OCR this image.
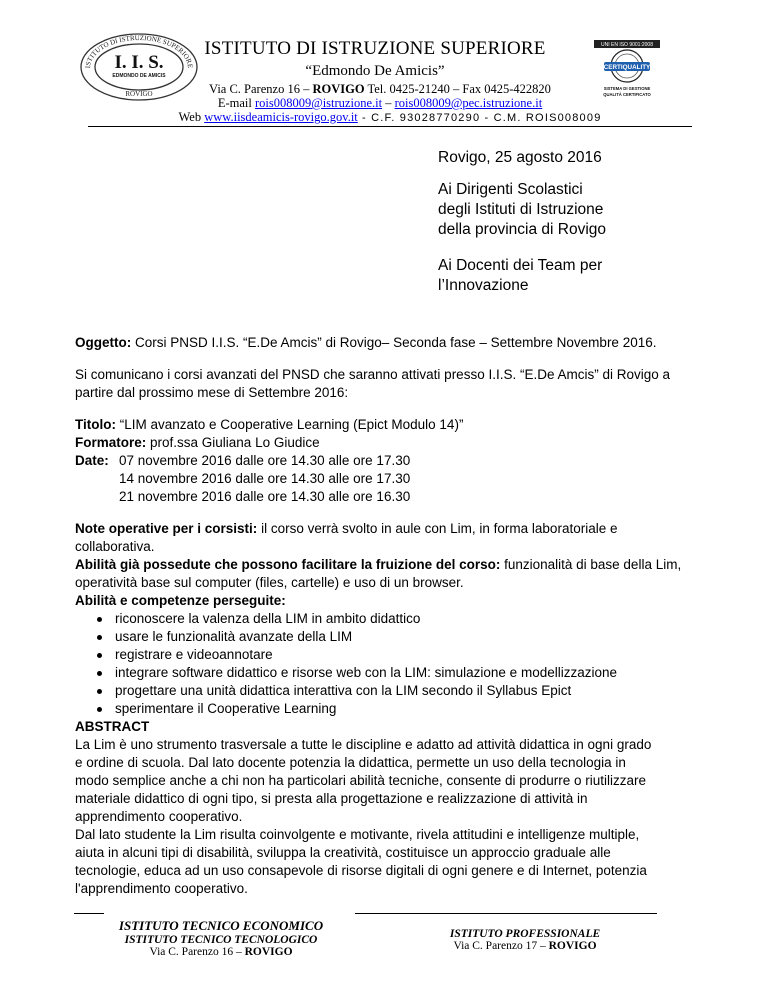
ISTITUTO DI ISTRUZIONE SUPERIORE
I. I. S.
EDMONDO DE AMICIS
ROVIGO
UNI EN ISO 9001:2008
CERTIQUALITY
SISTEMA DI GESTIONE
QUALITÀ CERTIFICATO
ISTITUTO DI ISTRUZIONE SUPERIORE
“Edmondo De Amicis”
Via C. Parenzo 16 – ROVIGO Tel. 0425-21240 – Fax 0425-422820
E-mail rois008009@istruzione.it – rois008009@pec.istruzione.it
Web www.iisdeamicis-rovigo.gov.it - C.F. 93028770290 - C.M. ROIS008009
Rovigo, 25 agosto 2016
Ai Dirigenti Scolastici
degli Istituti di Istruzione
della provincia di Rovigo
Ai Docenti dei Team per
l’Innovazione
Oggetto: Corsi PNSD I.I.S. “E.De Amcis” di Rovigo– Seconda fase – Settembre Novembre 2016.
Si comunicano i corsi avanzati del PNSD che saranno attivati presso I.I.S. “E.De Amcis” di Rovigo a
partire dal prossimo mese di Settembre 2016:
Titolo: “LIM avanzato e Cooperative Learning (Epict Modulo 14)”
Formatore: prof.ssa Giuliana Lo Giudice
Date: 07 novembre 2016 dalle ore 14.30 alle ore 17.30
14 novembre 2016 dalle ore 14.30 alle ore 17.30
21 novembre 2016 dalle ore 14.30 alle ore 16.30
Note operative per i corsisti: il corso verrà svolto in aule con Lim, in forma laboratoriale e
collaborativa.
Abilità già possedute che possono facilitare la fruizione del corso: funzionalità di base della Lim,
operatività base sul computer (files, cartelle) e uso di un browser.
Abilità e competenze perseguite:
riconoscere la valenza della LIM in ambito didattico
usare le funzionalità avanzate della LIM
registrare e videoannotare
integrare software didattico e risorse web con la LIM: simulazione e modellizzazione
progettare una unità didattica interattiva con la LIM secondo il Syllabus Epict
sperimentare il Cooperative Learning
ABSTRACT
La Lim è uno strumento trasversale a tutte le discipline e adatto ad attività didattica in ogni grado
e ordine di scuola. Dal lato docente potenzia la didattica, permette un uso della tecnologia in
modo semplice anche a chi non ha particolari abilità tecniche, consente di produrre o riutilizzare
materiale didattico di ogni tipo, si presta alla progettazione e realizzazione di attività in
apprendimento cooperativo.
Dal lato studente la Lim risulta coinvolgente e motivante, rivela attitudini e intelligenze multiple,
aiuta in alcuni tipi di disabilità, sviluppa la creatività, costituisce un approccio graduale alle
tecnologie, educa ad un uso consapevole di risorse digitali di ogni genere e di Internet, potenzia
l'apprendimento cooperativo.
ISTITUTO TECNICO ECONOMICO
ISTITUTO TECNICO TECNOLOGICO
Via C. Parenzo 16 – ROVIGO
ISTITUTO PROFESSIONALE
Via C. Parenzo 17 – ROVIGO
